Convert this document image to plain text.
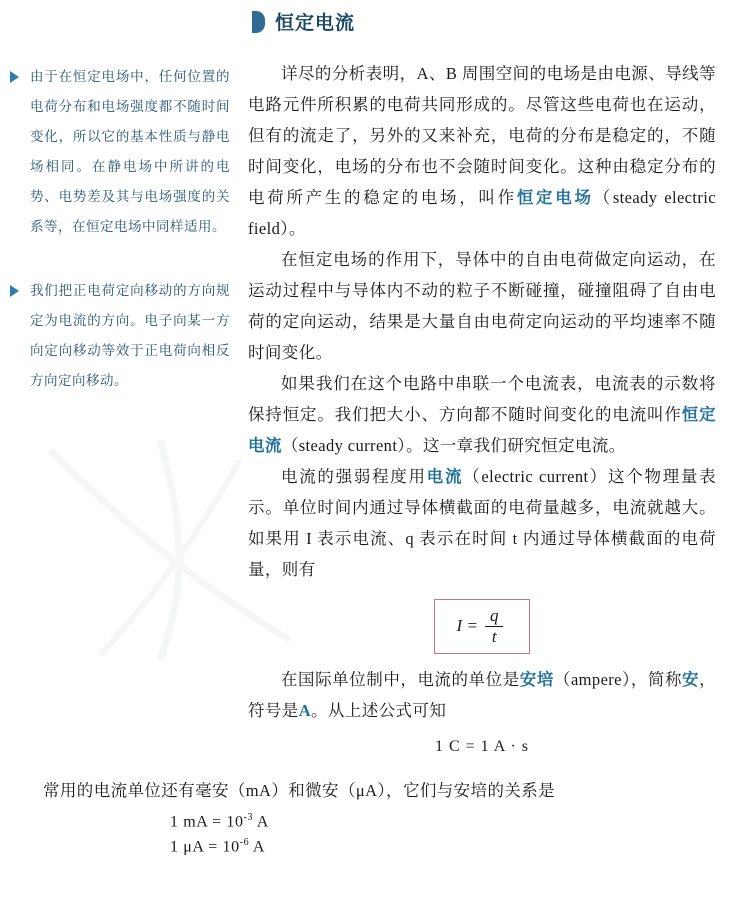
恒定电流
由于在恒定电场中，任何位置的电荷分布和电场强度都不随时间变化，所以它的基本性质与静电场相同。在静电场中所讲的电势、电势差及其与电场强度的关系等，在恒定电场中同样适用。
我们把正电荷定向移动的方向规定为电流的方向。电子向某一方向定向移动等效于正电荷向相反方向定向移动。

详尽的分析表明，A、B 周围空间的电场是由电源、导线等电路元件所积累的电荷共同形成的。尽管这些电荷也在运动，但有的流走了，另外的又来补充，电荷的分布是稳定的，不随时间变化，电场的分布也不会随时间变化。这种由稳定分布的电荷所产生的稳定的电场，叫作恒定电场（steady electric field）。

在恒定电场的作用下，导体中的自由电荷做定向运动，在运动过程中与导体内不动的粒子不断碰撞，碰撞阻碍了自由电荷的定向运动，结果是大量自由电荷定向运动的平均速率不随时间变化。

如果我们在这个电路中串联一个电流表，电流表的示数将保持恒定。我们把大小、方向都不随时间变化的电流叫作恒定电流（steady current）。这一章我们研究恒定电流。

电流的强弱程度用电流（electric current）这个物理量表示。单位时间内通过导体横截面的电荷量越多，电流就越大。如果用 I 表示电流、q 表示在时间 t 内通过导体横截面的电荷量，则有

$I = \frac{q}{t}$

在国际单位制中，电流的单位是安培（ampere），简称安，符号是A。从上述公式可知

1 C = 1 A · s

常用的电流单位还有毫安（mA）和微安（μA），它们与安培的关系是

1 mA = $10^{-3}$ A

1 $\mu A = 10^{-6}$ A
